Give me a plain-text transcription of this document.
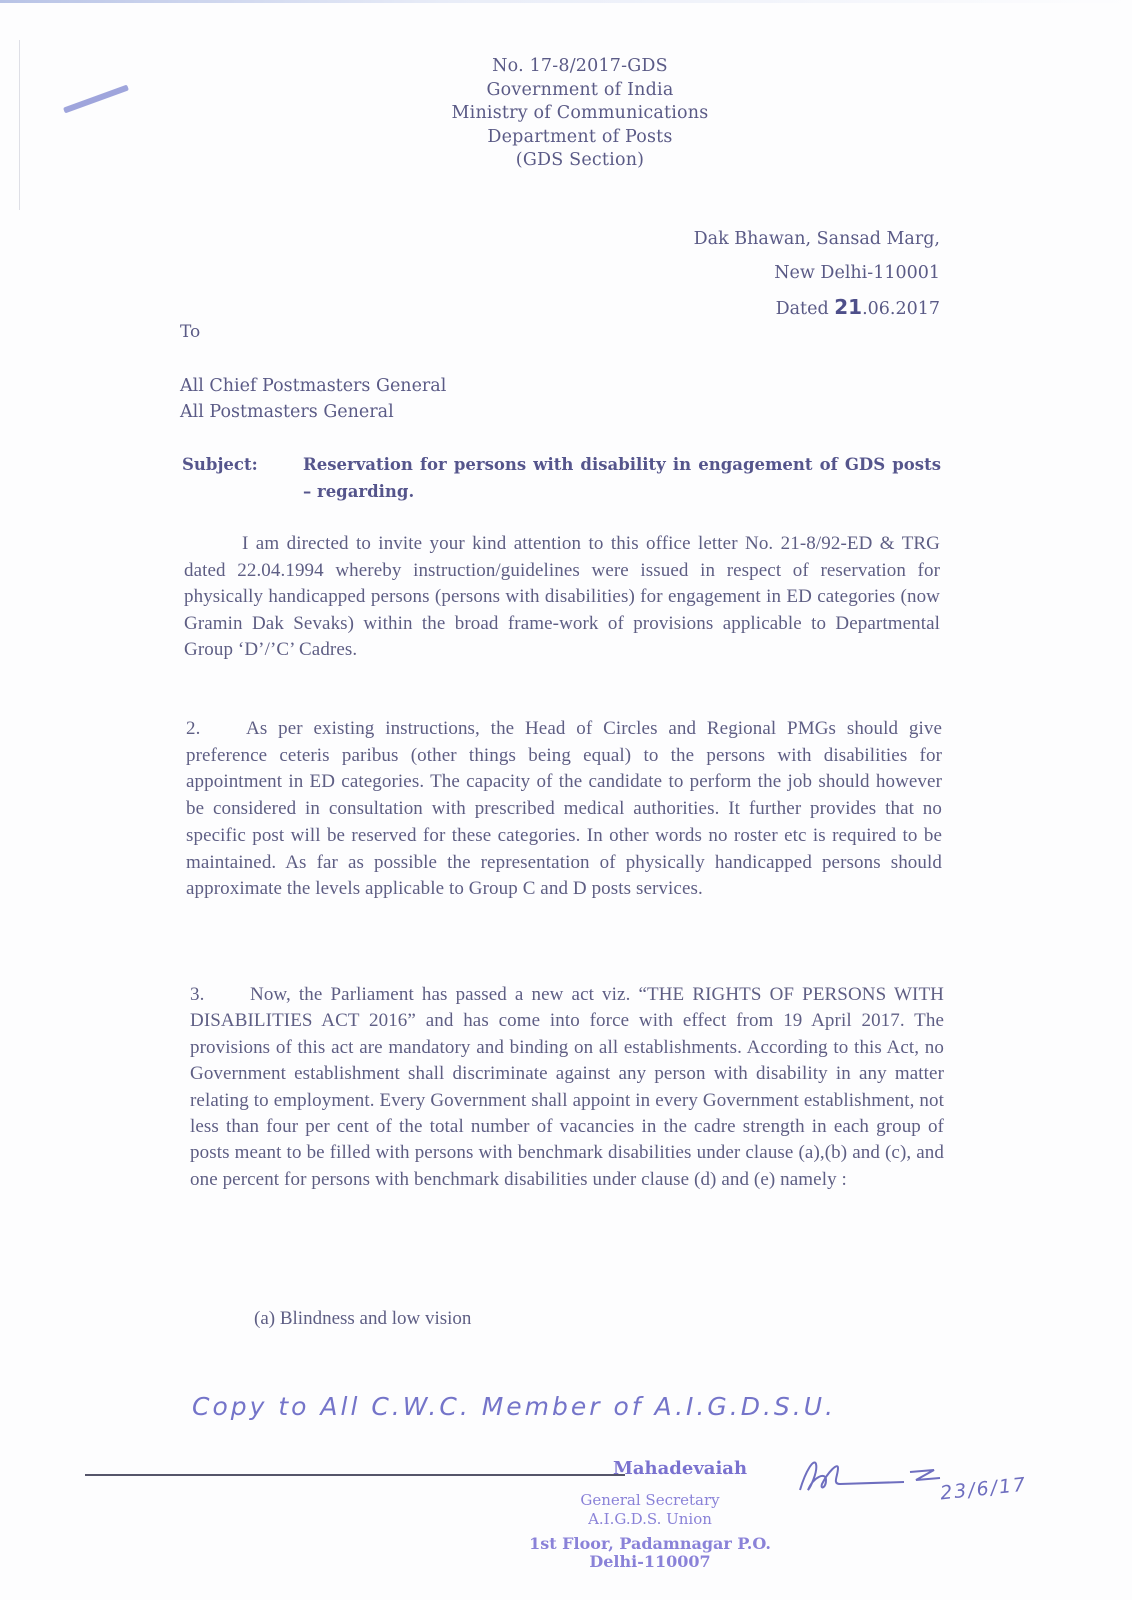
No. 17-8/2017-GDS
Government of India
Ministry of Communications
Department of Posts
(GDS Section)
Dak Bhawan, Sansad Marg,
New Delhi-110001
Dated 21.06.2017
To
All Chief Postmasters General
All Postmasters General
Subject:	Reservation for persons with disability in engagement of GDS posts – regarding.
I am directed to invite your kind attention to this office letter No. 21-8/92-ED & TRG dated 22.04.1994 whereby instruction/guidelines were issued in respect of reservation for physically handicapped persons (persons with disabilities) for engagement in ED categories (now Gramin Dak Sevaks) within the broad frame-work of provisions applicable to Departmental Group ‘D’/’C’ Cadres.
2. As per existing instructions, the Head of Circles and Regional PMGs should give preference ceteris paribus (other things being equal) to the persons with disabilities for appointment in ED categories. The capacity of the candidate to perform the job should however be considered in consultation with prescribed medical authorities. It further provides that no specific post will be reserved for these categories. In other words no roster etc is required to be maintained. As far as possible the representation of physically handicapped persons should approximate the levels applicable to Group C and D posts services.
3. Now, the Parliament has passed a new act viz. “THE RIGHTS OF PERSONS WITH DISABILITIES ACT 2016” and has come into force with effect from 19 April 2017. The provisions of this act are mandatory and binding on all establishments. According to this Act, no Government establishment shall discriminate against any person with disability in any matter relating to employment. Every Government shall appoint in every Government establishment, not less than four per cent of the total number of vacancies in the cadre strength in each group of posts meant to be filled with persons with benchmark disabilities under clause (a),(b) and (c), and one percent for persons with benchmark disabilities under clause (d) and (e) namely :
(a) Blindness and low vision
Copy to All C.W.C. Member of A.I.G.D.S.U.
Mahadevaiah
General Secretary
A.I.G.D.S. Union
1st Floor, Padamnagar P.O.
Delhi-110007
23/6/17
